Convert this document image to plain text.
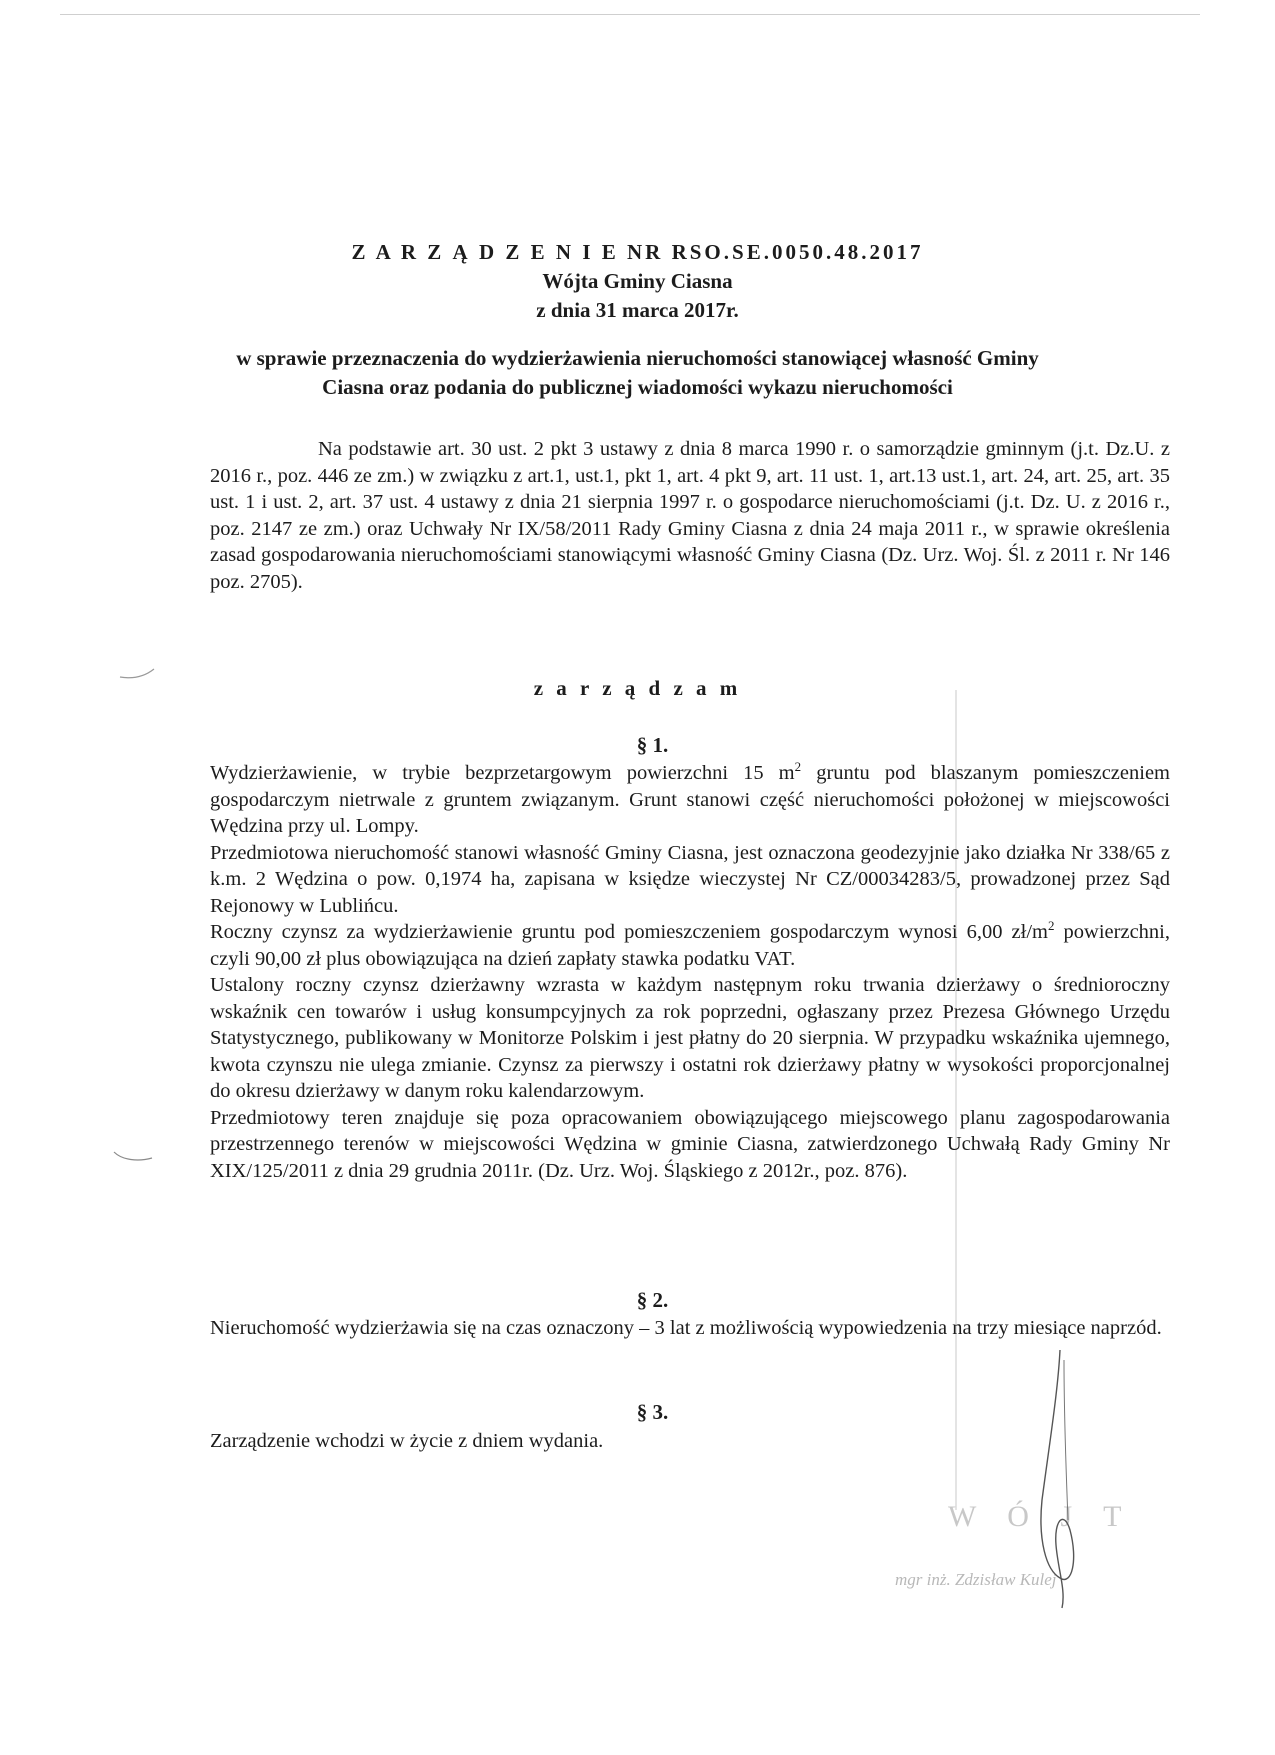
Z A R Z Ą D Z E N I E NR RSO.SE.0050.48.2017
Wójta Gminy Ciasna
z dnia 31 marca 2017r.
w sprawie przeznaczenia do wydzierżawienia nieruchomości stanowiącej własność Gminy
Ciasna oraz podania do publicznej wiadomości wykazu nieruchomości

Na podstawie art. 30 ust. 2 pkt 3 ustawy z dnia 8 marca 1990 r. o samorządzie gminnym (j.t. Dz.U. z 2016 r., poz. 446 ze zm.) w związku z art.1, ust.1, pkt 1, art. 4 pkt 9, art. 11 ust. 1, art.13 ust.1, art. 24, art. 25, art. 35 ust. 1 i ust. 2, art. 37 ust. 4 ustawy z dnia 21 sierpnia 1997 r. o gospodarce nieruchomościami (j.t. Dz. U. z 2016 r., poz. 2147 ze zm.) oraz Uchwały Nr IX/58/2011 Rady Gminy Ciasna z dnia 24 maja 2011 r., w sprawie określenia zasad gospodarowania nieruchomościami stanowiącymi własność Gminy Ciasna (Dz. Urz. Woj. Śl. z 2011 r. Nr 146 poz. 2705).

z a r z ą d z a m
§ 1.

Wydzierżawienie, w trybie bezprzetargowym powierzchni 15 $m^2$ gruntu pod blaszanym pomieszczeniem gospodarczym nietrwale z gruntem związanym. Grunt stanowi część nieruchomości położonej w miejscowości Wędzina przy ul. Lompy.

Przedmiotowa nieruchomość stanowi własność Gminy Ciasna, jest oznaczona geodezyjnie jako działka Nr 338/65 z k.m. 2 Wędzina o pow. 0,1974 ha, zapisana w księdze wieczystej Nr CZ/00034283/5, prowadzonej przez Sąd Rejonowy w Lublińcu.

Roczny czynsz za wydzierżawienie gruntu pod pomieszczeniem gospodarczym wynosi 6,00 $zł/m^2$ powierzchni, czyli 90,00 zł plus obowiązująca na dzień zapłaty stawka podatku VAT.

Ustalony roczny czynsz dzierżawny wzrasta w każdym następnym roku trwania dzierżawy o średnioroczny wskaźnik cen towarów i usług konsumpcyjnych za rok poprzedni, ogłaszany przez Prezesa Głównego Urzędu Statystycznego, publikowany w Monitorze Polskim i jest płatny do 20 sierpnia. W przypadku wskaźnika ujemnego, kwota czynszu nie ulega zmianie. Czynsz za pierwszy i ostatni rok dzierżawy płatny w wysokości proporcjonalnej do okresu dzierżawy w danym roku kalendarzowym.

Przedmiotowy teren znajduje się poza opracowaniem obowiązującego miejscowego planu zagospodarowania przestrzennego terenów w miejscowości Wędzina w gminie Ciasna, zatwierdzonego Uchwałą Rady Gminy Nr XIX/125/2011 z dnia 29 grudnia 2011r. (Dz. Urz. Woj. Śląskiego z 2012r., poz. 876).

§ 2.

Nieruchomość wydzierżawia się na czas oznaczony – 3 lat z możliwością wypowiedzenia na trzy miesiące naprzód.

§ 3.

Zarządzenie wchodzi w życie z dniem wydania.

W Ó J T
mgr inż. Zdzisław Kulej
